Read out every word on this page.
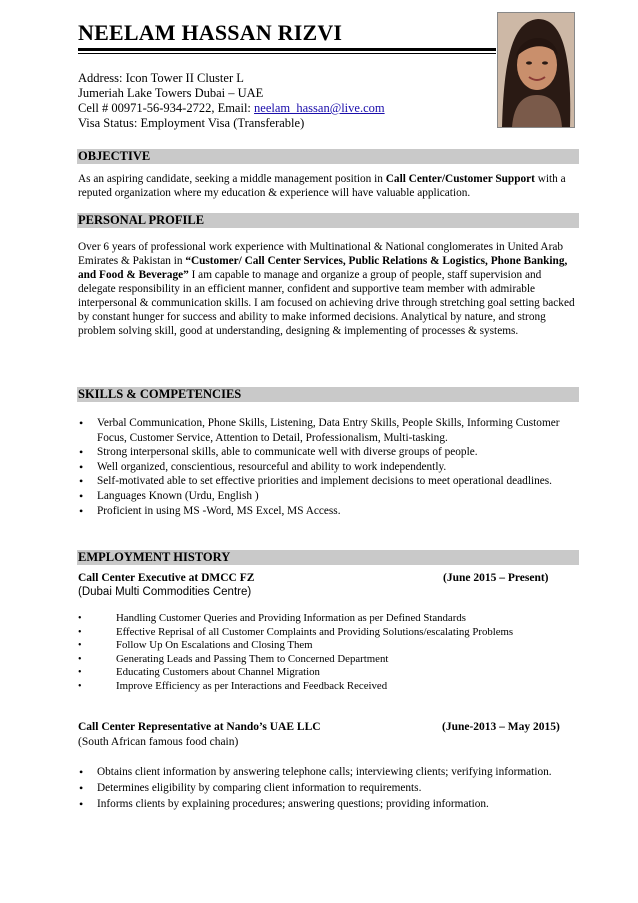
NEELAM HASSAN RIZVI
Address: Icon Tower II Cluster L
Jumeriah Lake Towers Dubai – UAE
Cell # 00971-56-934-2722, Email: neelam_hassan@live.com
Visa Status: Employment Visa (Transferable)
OBJECTIVE
As an aspiring candidate, seeking a middle management position in Call Center/Customer Support with a reputed organization where my education & experience will have valuable application.
PERSONAL PROFILE
Over 6 years of professional work experience with Multinational & National conglomerates in United Arab Emirates & Pakistan in “Customer/ Call Center Services, Public Relations & Logistics, Phone Banking, and Food & Beverage” I am capable to manage and organize a group of people, staff supervision and delegate responsibility in an efficient manner, confident and supportive team member with admirable interpersonal & communication skills. I am focused on achieving drive through stretching goal setting backed by constant hunger for success and ability to make informed decisions. Analytical by nature, and strong problem solving skill, good at understanding, designing & implementing of processes & systems.
SKILLS & COMPETENCIES
• Verbal Communication, Phone Skills, Listening, Data Entry Skills, People Skills, Informing Customer Focus, Customer Service, Attention to Detail, Professionalism, Multi-tasking.
• Strong interpersonal skills, able to communicate well with diverse groups of people.
• Well organized, conscientious, resourceful and ability to work independently.
• Self-motivated able to set effective priorities and implement decisions to meet operational deadlines.
• Languages Known (Urdu, English )
• Proficient in using MS -Word, MS Excel, MS Access.
EMPLOYMENT HISTORY
Call Center Executive at DMCC FZ	(June 2015 – Present)
(Dubai Multi Commodities Centre)
• Handling Customer Queries and Providing Information as per Defined Standards
• Effective Reprisal of all Customer Complaints and Providing Solutions/escalating Problems
• Follow Up On Escalations and Closing Them
• Generating Leads and Passing Them to Concerned Department
• Educating Customers about Channel Migration
• Improve Efficiency as per Interactions and Feedback Received
Call Center Representative at Nando’s UAE LLC	(June-2013 – May 2015)
(South African famous food chain)
• Obtains client information by answering telephone calls; interviewing clients; verifying information.
• Determines eligibility by comparing client information to requirements.
• Informs clients by explaining procedures; answering questions; providing information.
